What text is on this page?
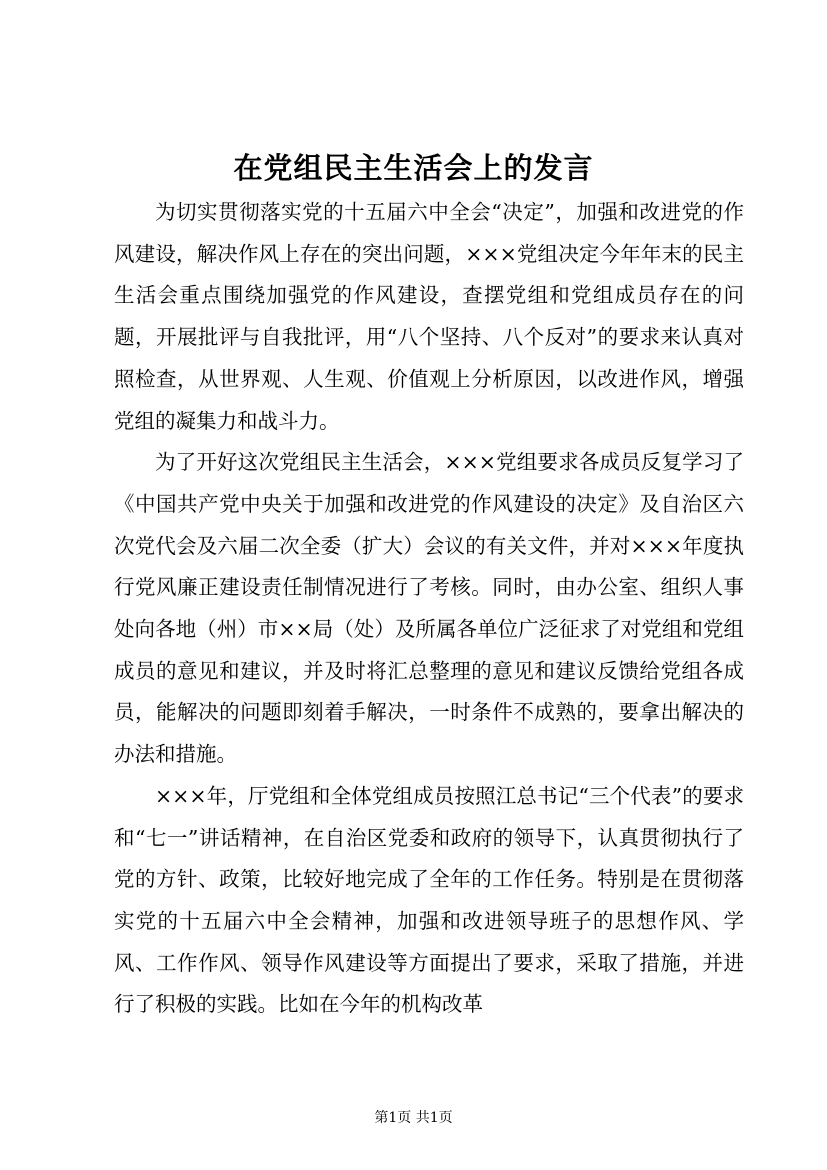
在党组民主生活会上的发言

为切实贯彻落实党的十五届六中全会“决定”，加强和改进党的作风建设，解决作风上存在的突出问题，×××党组决定今年年末的民主生活会重点围绕加强党的作风建设，查摆党组和党组成员存在的问题，开展批评与自我批评，用“八个坚持、八个反对”的要求来认真对照检查，从世界观、人生观、价值观上分析原因，以改进作风，增强党组的凝集力和战斗力。

为了开好这次党组民主生活会，×××党组要求各成员反复学习了《中国共产党中央关于加强和改进党的作风建设的决定》及自治区六次党代会及六届二次全委（扩大）会议的有关文件，并对×××年度执行党风廉正建设责任制情况进行了考核。同时，由办公室、组织人事处向各地（州）市××局（处）及所属各单位广泛征求了对党组和党组成员的意见和建议，并及时将汇总整理的意见和建议反馈给党组各成员，能解决的问题即刻着手解决，一时条件不成熟的，要拿出解决的办法和措施。

×××年，厅党组和全体党组成员按照江总书记“三个代表”的要求和“七一”讲话精神，在自治区党委和政府的领导下，认真贯彻执行了党的方针、政策，比较好地完成了全年的工作任务。特别是在贯彻落实党的十五届六中全会精神，加强和改进领导班子的思想作风、学风、工作作风、领导作风建设等方面提出了要求，采取了措施，并进行了积极的实践。比如在今年的机构改革

第1页 共1页
